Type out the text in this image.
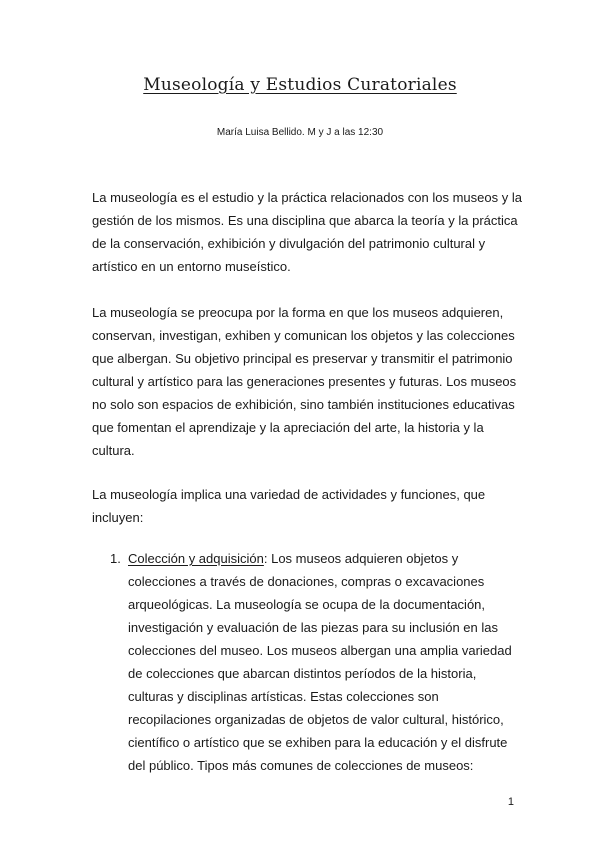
Museología y Estudios Curatoriales
María Luisa Bellido. M y J a las 12:30

La museología es el estudio y la práctica relacionados con los museos y la gestión de los mismos. Es una disciplina que abarca la teoría y la práctica de la conservación, exhibición y divulgación del patrimonio cultural y artístico en un entorno museístico.

La museología se preocupa por la forma en que los museos adquieren, conservan, investigan, exhiben y comunican los objetos y las colecciones que albergan. Su objetivo principal es preservar y transmitir el patrimonio cultural y artístico para las generaciones presentes y futuras. Los museos no solo son espacios de exhibición, sino también instituciones educativas que fomentan el aprendizaje y la apreciación del arte, la historia y la cultura.

La museología implica una variedad de actividades y funciones, que incluyen:

1. Colección y adquisición: Los museos adquieren objetos y colecciones a través de donaciones, compras o excavaciones arqueológicas. La museología se ocupa de la documentación, investigación y evaluación de las piezas para su inclusión en las colecciones del museo. Los museos albergan una amplia variedad de colecciones que abarcan distintos períodos de la historia, culturas y disciplinas artísticas. Estas colecciones son recopilaciones organizadas de objetos de valor cultural, histórico, científico o artístico que se exhiben para la educación y el disfrute del público. Tipos más comunes de colecciones de museos:
1
